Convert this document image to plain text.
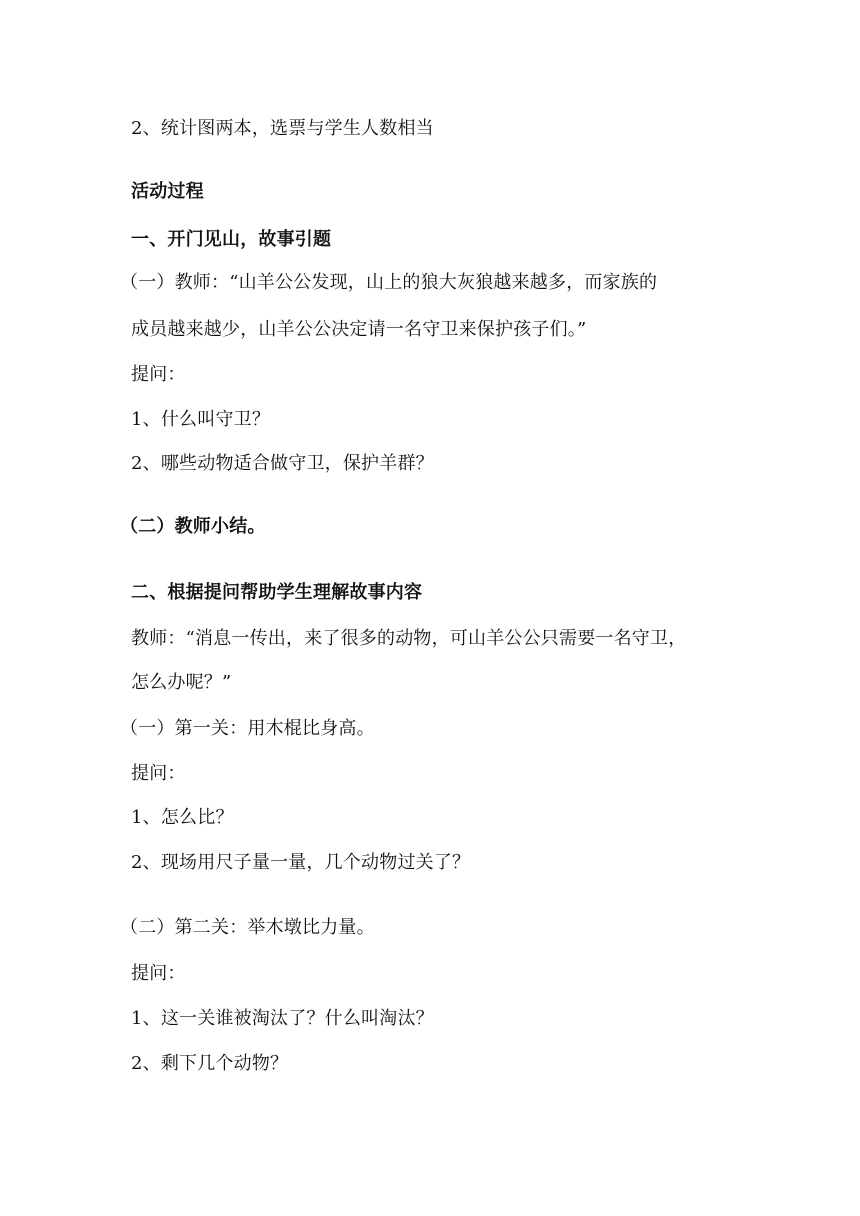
2、统计图两本，选票与学生人数相当
活动过程
一、开门见山，故事引题
（一）教师：“山羊公公发现，山上的狼大灰狼越来越多，而家族的
成员越来越少，山羊公公决定请一名守卫来保护孩子们。”
提问：
1、什么叫守卫？
2、哪些动物适合做守卫，保护羊群？
（二）教师小结。
二、根据提问帮助学生理解故事内容
教师：“消息一传出，来了很多的动物，可山羊公公只需要一名守卫，
怎么办呢？”
（一）第一关：用木棍比身高。
提问：
1、怎么比？
2、现场用尺子量一量，几个动物过关了？
（二）第二关：举木墩比力量。
提问：
1、这一关谁被淘汰了？什么叫淘汰？
2、剩下几个动物？
